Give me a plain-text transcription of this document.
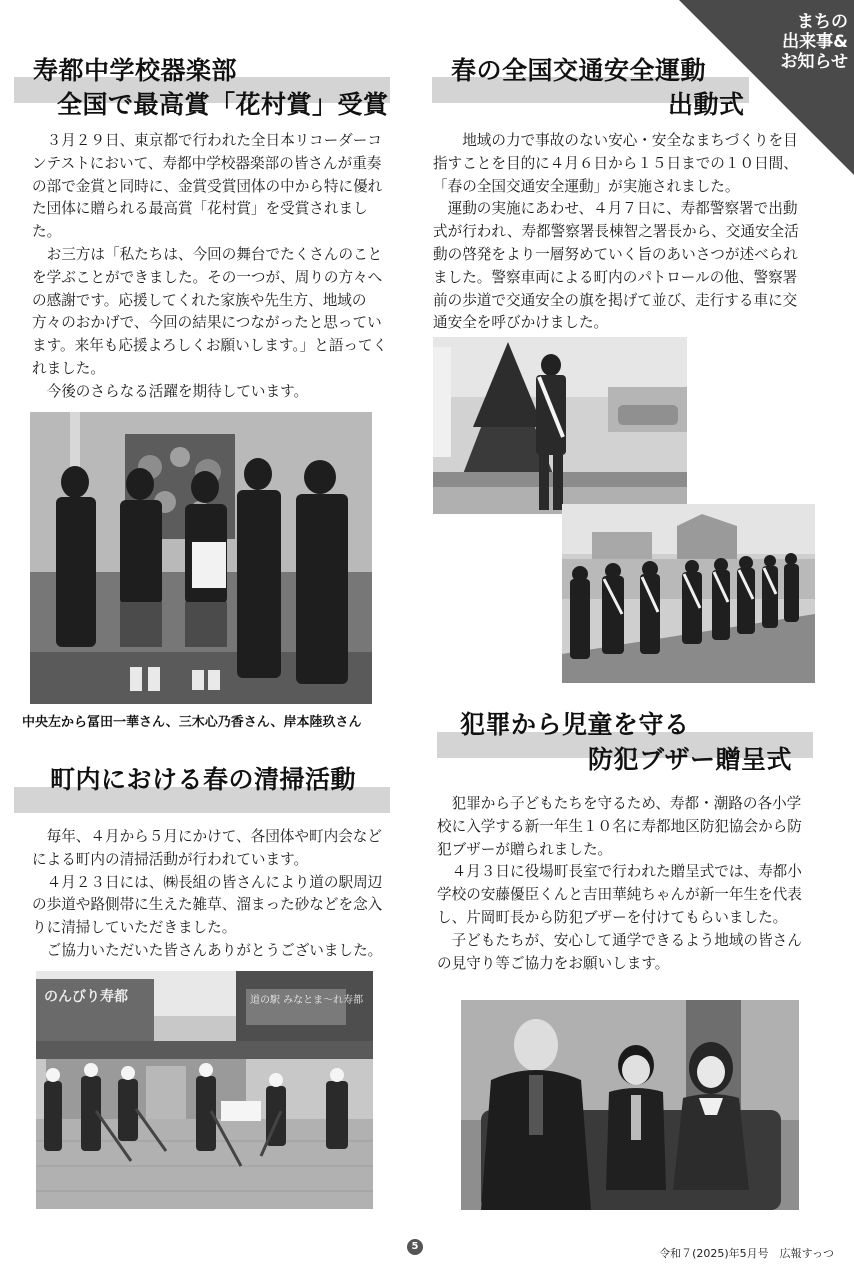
まちの
出来事&
お知らせ
寿都中学校器楽部
全国で最高賞「花村賞」受賞

３月２９日、東京都で行われた全日本リコーダーコンテストにおいて、寿都中学校器楽部の皆さんが重奏の部で金賞と同時に、金賞受賞団体の中から特に優れた団体に贈られる最高賞「花村賞」を受賞されました。

お三方は「私たちは、今回の舞台でたくさんのことを学ぶことができました。その一つが、周りの方々への感謝です。応援してくれた家族や先生方、地域の方々のおかげで、今回の結果につながったと思っています。来年も応援よろしくお願いします。」と語ってくれました。

今後のさらなる活躍を期待しています。

中央左から冨田一華さん、三木心乃香さん、岸本陸玖さん
春の全国交通安全運動
出動式

地域の力で事故のない安心・安全なまちづくりを目指すことを目的に４月６日から１５日までの１０日間、「春の全国交通安全運動」が実施されました。

運動の実施にあわせ、４月７日に、寿都警察署で出動式が行われ、寿都警察署長棟智之署長から、交通安全活動の啓発をより一層努めていく旨のあいさつが述べられました。警察車両による町内のパトロールの他、警察署前の歩道で交通安全の旗を掲げて並び、走行する車に交通安全を呼びかけました。

町内における春の清掃活動

毎年、４月から５月にかけて、各団体や町内会などによる町内の清掃活動が行われています。

４月２３日には、㈱長組の皆さんにより道の駅周辺の歩道や路側帯に生えた雑草、溜まった砂などを念入りに清掃していただきました。

ご協力いただいた皆さんありがとうございました。

のんびり寿都	道の駅 みなとま〜れ寿都
犯罪から児童を守る
防犯ブザー贈呈式

犯罪から子どもたちを守るため、寿都・潮路の各小学校に入学する新一年生１０名に寿都地区防犯協会から防犯ブザーが贈られました。

４月３日に役場町長室で行われた贈呈式では、寿都小学校の安藤優臣くんと吉田華純ちゃんが新一年生を代表し、片岡町長から防犯ブザーを付けてもらいました。

子どもたちが、安心して通学できるよう地域の皆さんの見守り等ご協力をお願いします。

5
令和７(2025)年5月号　広報すっつ
